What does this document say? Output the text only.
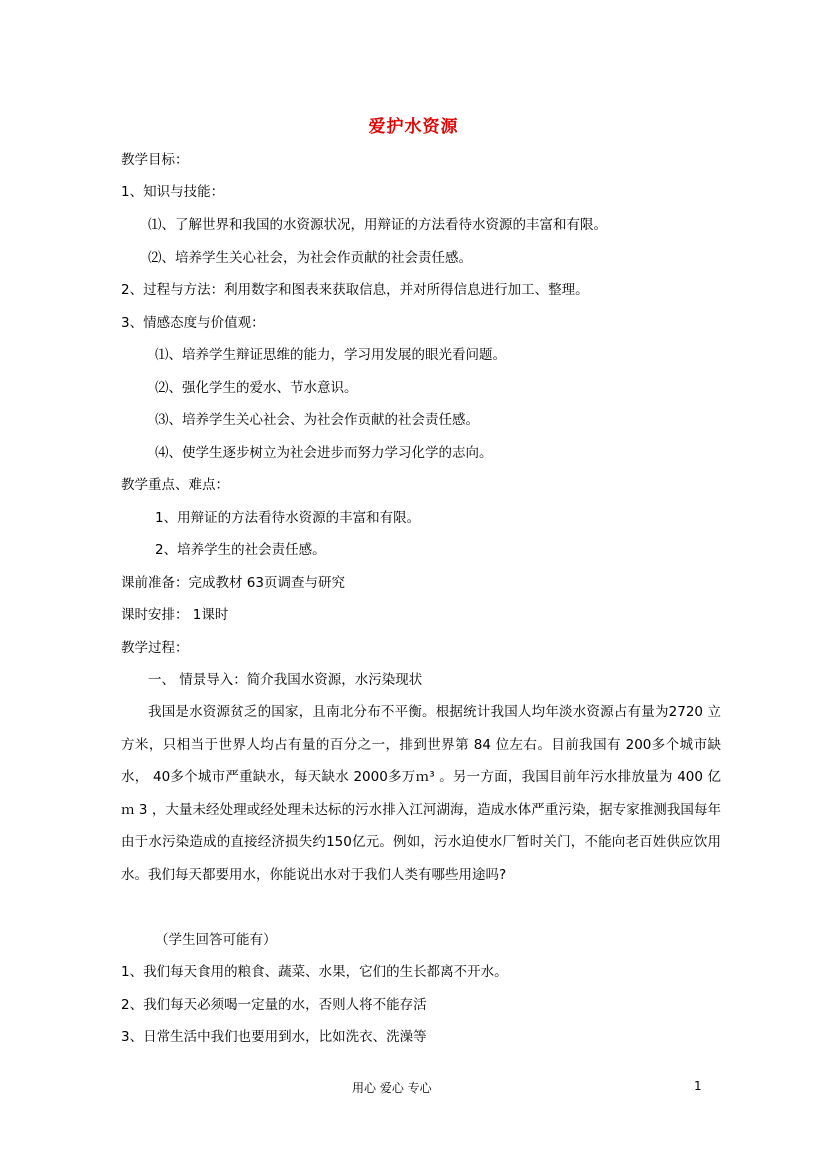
爱护水资源
教学目标：
1、知识与技能：
⑴、了解世界和我国的水资源状况，用辩证的方法看待水资源的丰富和有限。
⑵、培养学生关心社会，为社会作贡献的社会责任感。
2、过程与方法：利用数字和图表来获取信息，并对所得信息进行加工、整理。
3、情感态度与价值观：
⑴、培养学生辩证思维的能力，学习用发展的眼光看问题。
⑵、强化学生的爱水、节水意识。
⑶、培养学生关心社会、为社会作贡献的社会责任感。
⑷、使学生逐步树立为社会进步而努力学习化学的志向。
教学重点、难点：
1、用辩证的方法看待水资源的丰富和有限。
2、培养学生的社会责任感。
课前准备：完成教材 63页调查与研究
课时安排： 1课时
教学过程：
一、 情景导入：简介我国水资源，水污染现状
我国是水资源贫乏的国家，且南北分布不平衡。根据统计我国人均年淡水资源占有量为2720 立方米，只相当于世界人均占有量的百分之一，排到世界第 84 位左右。目前我国有 200多个城市缺水， 40多个城市严重缺水，每天缺水 2000多万ｍ³ 。另一方面，我国目前年污水排放量为 400 亿 ｍ 3 ，大量未经处理或经处理未达标的污水排入江河湖海，造成水体严重污染，据专家推测我国每年由于水污染造成的直接经济损失约150亿元。例如，污水迫使水厂暂时关门，不能向老百姓供应饮用水。我们每天都要用水，你能说出水对于我们人类有哪些用途吗?
（学生回答可能有）
1、我们每天食用的粮食、蔬菜、水果，它们的生长都离不开水。
2、我们每天必须喝一定量的水，否则人将不能存活
3、日常生活中我们也要用到水，比如洗衣、洗澡等
用心 爱心 专心	1
